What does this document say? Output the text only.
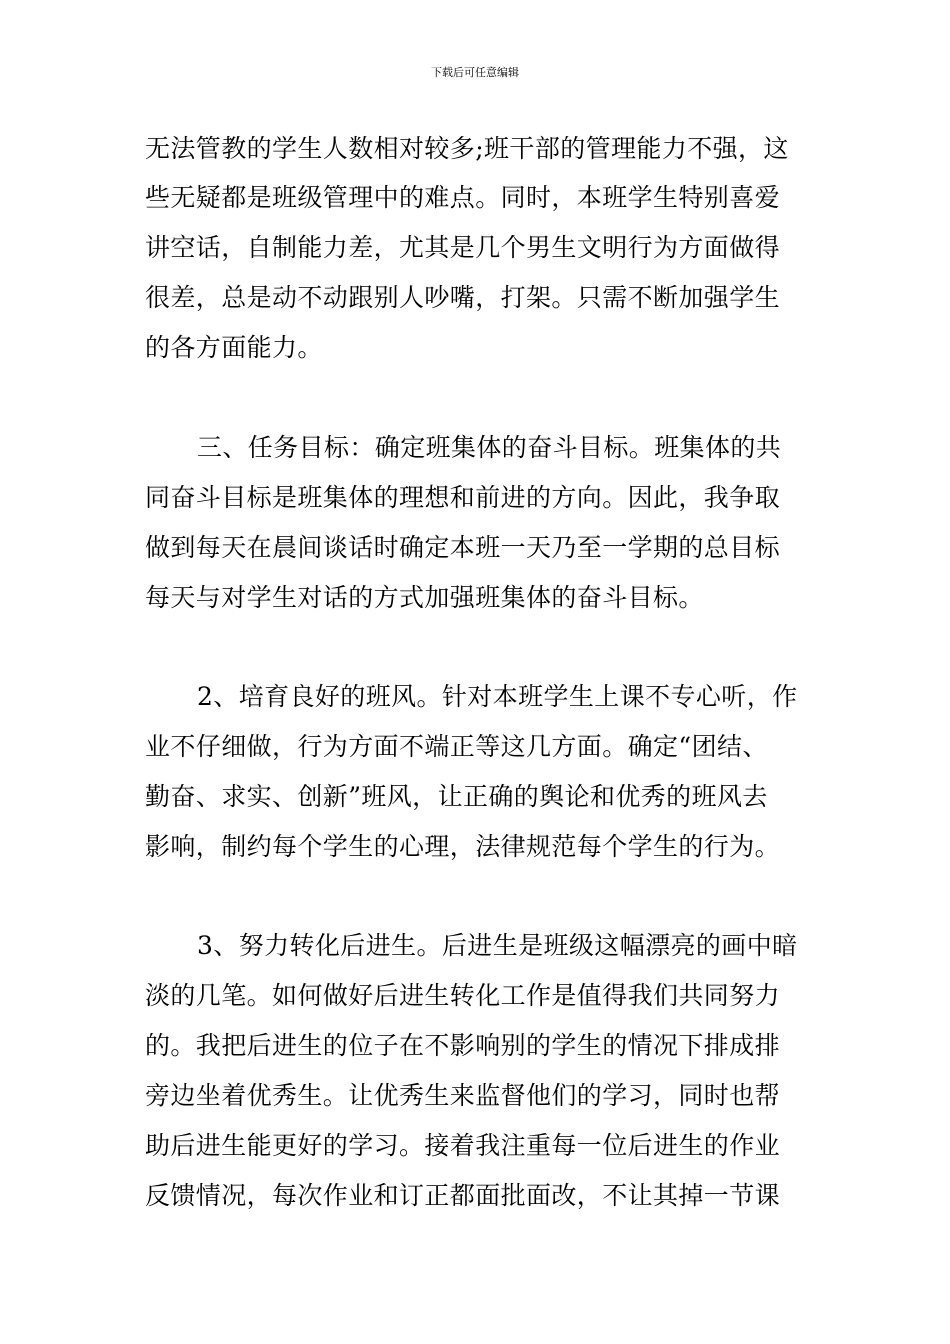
下载后可任意编辑
无法管教的学生人数相对较多;班干部的管理能力不强，这
些无疑都是班级管理中的难点。同时，本班学生特别喜爱
讲空话，自制能力差，尤其是几个男生文明行为方面做得
很差，总是动不动跟别人吵嘴，打架。只需不断加强学生
的各方面能力。
三、任务目标：确定班集体的奋斗目标。班集体的共
同奋斗目标是班集体的理想和前进的方向。因此，我争取
做到每天在晨间谈话时确定本班一天乃至一学期的总目标
每天与对学生对话的方式加强班集体的奋斗目标。
2、培育良好的班风。针对本班学生上课不专心听，作
业不仔细做，行为方面不端正等这几方面。确定“团结、
勤奋、求实、创新”班风，让正确的舆论和优秀的班风去
影响，制约每个学生的心理，法律规范每个学生的行为。
3、努力转化后进生。后进生是班级这幅漂亮的画中暗
淡的几笔。如何做好后进生转化工作是值得我们共同努力
的。我把后进生的位子在不影响别的学生的情况下排成排
旁边坐着优秀生。让优秀生来监督他们的学习，同时也帮
助后进生能更好的学习。接着我注重每一位后进生的作业
反馈情况，每次作业和订正都面批面改，不让其掉一节课
